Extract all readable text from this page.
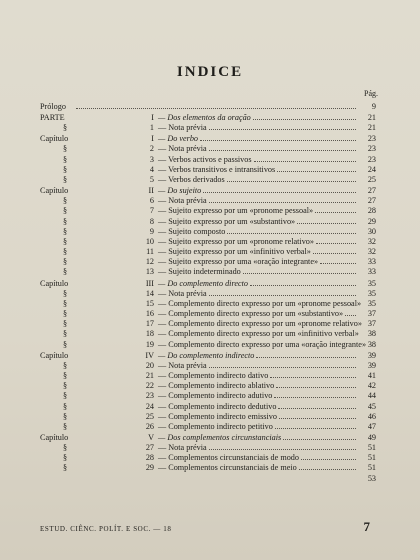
INDICE
Pág.
Prólogo	9
PARTE	I — Dos elementos da oração	21
§	1 — Nota prévia	21
Capítulo	I — Do verbo	23
§	2 — Nota prévia	23
§	3 — Verbos activos e passivos	23
§	4 — Verbos transitivos e intransitivos	24
§	5 — Verbos derivados	25
Capítulo	II — Do sujeito	27
§	6 — Nota prévia	27
§	7 — Sujeito expresso por um «pronome pessoal»	28
§	8 — Sujeito expresso por um «substantivo»	29
§	9 — Sujeito composto	30
§	10 — Sujeito expresso por um «pronome relativo»	32
§	11 — Sujeito expresso por um «infinitivo verbal»	32
§	12 — Sujeito expresso por uma «oração integrante»	33
§	13 — Sujeito indeterminado	33
Capítulo	III — Do complemento directo	35
§	14 — Nota prévia	35
§	15 — Complemento directo expresso por um «pronome pessoal» 35
§	16 — Complemento directo expresso por um «substantivo»	37
§	17 — Complemento directo expresso por um «pronome relativo» 37
§	18 — Complemento directo expresso por um «infinitivo verbal»	38
§	19 — Complemento directo expresso por uma «oração integrante» 38
Capítulo	IV — Do complemento indirecto	39
§	20 — Nota prévia	39
§	21 — Complemento indirecto dativo	41
§	22 — Complemento indirecto ablativo	42
§	23 — Complemento indirecto adutivo	44
§	24 — Complemento indirecto dedutivo	45
§	25 — Complemento indirecto emissivo	46
§	26 — Complemento indirecto petitivo	47
Capítulo	V — Dos complementos circunstanciais	49
§	27 — Nota prévia	51
§	28 — Complementos circunstanciais de modo	51
§	29 — Complementos circunstanciais de meio	51
53
ESTUD. CIÊNC. POLÍT. E SOC. — 18	7
